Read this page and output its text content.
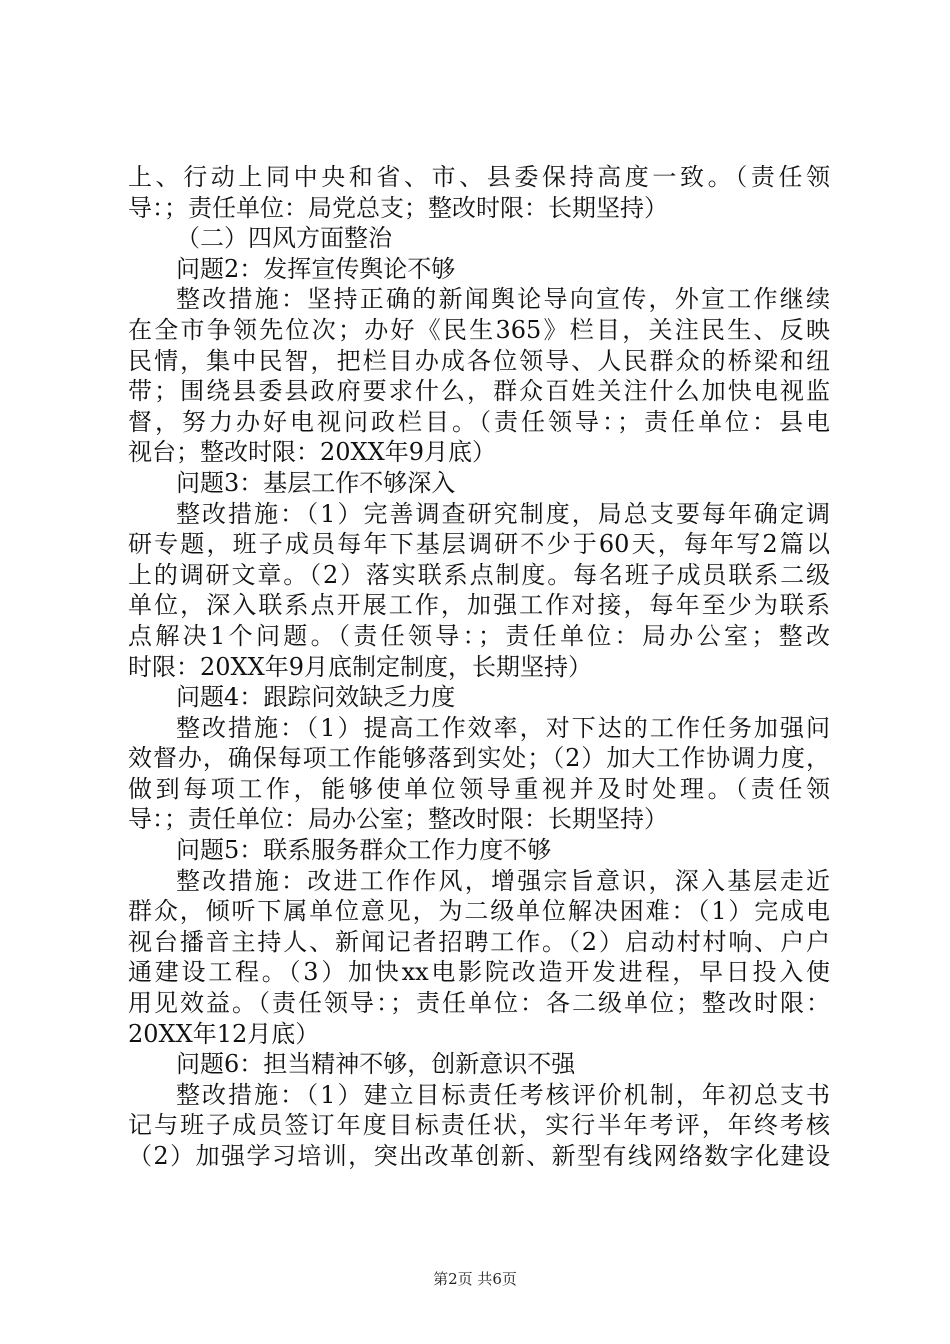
上、行动上同中央和省、市、县委保持高度一致。（责任领
导：；责任单位：局党总支；整改时限：长期坚持）
（二）四风方面整治
问题2：发挥宣传舆论不够
整改措施：坚持正确的新闻舆论导向宣传，外宣工作继续
在全市争领先位次；办好《民生365》栏目，关注民生、反映
民情，集中民智，把栏目办成各位领导、人民群众的桥梁和纽
带；围绕县委县政府要求什么，群众百姓关注什么加快电视监
督，努力办好电视问政栏目。（责任领导：；责任单位：县电
视台；整改时限：20XX年9月底）
问题3：基层工作不够深入
整改措施：（1）完善调查研究制度，局总支要每年确定调
研专题，班子成员每年下基层调研不少于60天，每年写2篇以
上的调研文章。（2）落实联系点制度。每名班子成员联系二级
单位，深入联系点开展工作，加强工作对接，每年至少为联系
点解决1个问题。（责任领导：；责任单位：局办公室；整改
时限：20XX年9月底制定制度，长期坚持）
问题4：跟踪问效缺乏力度
整改措施：（1）提高工作效率，对下达的工作任务加强问
效督办，确保每项工作能够落到实处；（2）加大工作协调力度，
做到每项工作，能够使单位领导重视并及时处理。（责任领
导：；责任单位：局办公室；整改时限：长期坚持）
问题5：联系服务群众工作力度不够
整改措施：改进工作作风，增强宗旨意识，深入基层走近
群众，倾听下属单位意见，为二级单位解决困难：（1）完成电
视台播音主持人、新闻记者招聘工作。（2）启动村村响、户户
通建设工程。（3）加快xx电影院改造开发进程，早日投入使
用见效益。（责任领导：；责任单位：各二级单位；整改时限：
20XX年12月底）
问题6：担当精神不够，创新意识不强
整改措施：（1）建立目标责任考核评价机制，年初总支书
记与班子成员签订年度目标责任状，实行半年考评，年终考核
（2）加强学习培训，突出改革创新、新型有线网络数字化建设
第2页 共6页
